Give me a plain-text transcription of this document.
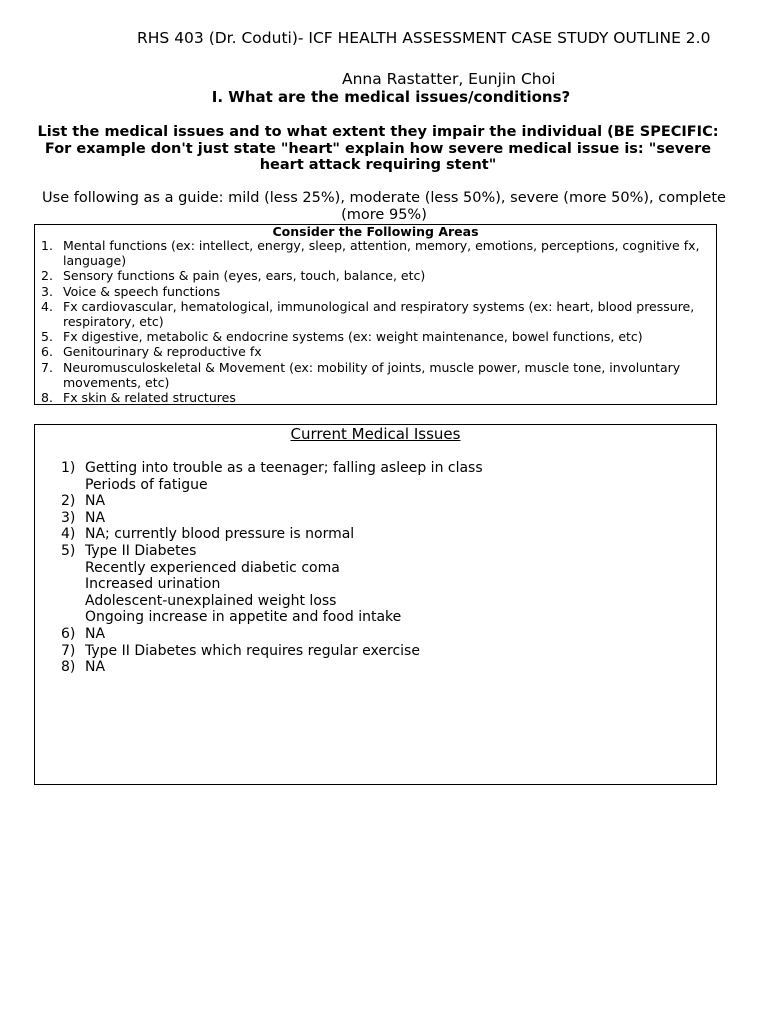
RHS 403 (Dr. Coduti)- ICF HEALTH ASSESSMENT CASE STUDY OUTLINE 2.0
Anna Rastatter, Eunjin Choi
I. What are the medical issues/conditions?
List the medical issues and to what extent they impair the individual (BE SPECIFIC: For example don't just state "heart" explain how severe medical issue is: "severe heart attack requiring stent"
Use following as a guide: mild (less 25%), moderate (less 50%), severe (more 50%), complete (more 95%)
Consider the Following Areas
1. Mental functions (ex: intellect, energy, sleep, attention, memory, emotions, perceptions, cognitive fx, language)
2. Sensory functions & pain (eyes, ears, touch, balance, etc)
3. Voice & speech functions
4. Fx cardiovascular, hematological, immunological and respiratory systems (ex: heart, blood pressure, respiratory, etc)
5. Fx digestive, metabolic & endocrine systems (ex: weight maintenance, bowel functions, etc)
6. Genitourinary & reproductive fx
7. Neuromusculoskeletal & Movement (ex: mobility of joints, muscle power, muscle tone, involuntary movements, etc)
8. Fx skin & related structures
Current Medical Issues
1) Getting into trouble as a teenager; falling asleep in class
Periods of fatigue
2) NA
3) NA
4) NA; currently blood pressure is normal
5) Type II Diabetes
Recently experienced diabetic coma
Increased urination
Adolescent-unexplained weight loss
Ongoing increase in appetite and food intake
6) NA
7) Type II Diabetes which requires regular exercise
8) NA
